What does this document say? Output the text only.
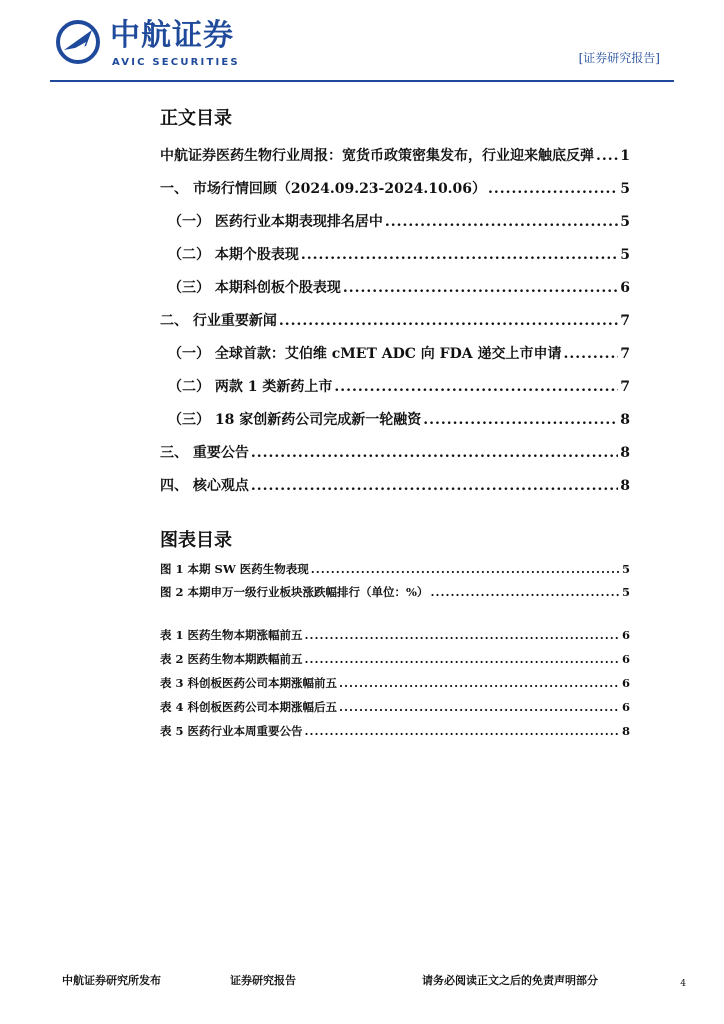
中航证券
AVIC SECURITIES	[证券研究报告]
正文目录
中航证券医药生物行业周报：宽货币政策密集发布，行业迎来触底反弹 ..... 1
一、 市场行情回顾（2024.09.23-2024.10.06） .....	5
（一） 医药行业本期表现排名居中 .....	5
（二） 本期个股表现 .....	5
（三） 本期科创板个股表现 .....	6
二、 行业重要新闻 .....	7
（一） 全球首款：艾伯维 cMET ADC 向 FDA 递交上市申请 .....	7
（二） 两款 1 类新药上市 .....	7
（三） 18 家创新药公司完成新一轮融资 .....	8
三、 重要公告 .....	8
四、 核心观点 .....	8
图表目录
图 1 本期 SW 医药生物表现 .....	5
图 2 本期申万一级行业板块涨跌幅排行（单位：%） .....	5
表 1 医药生物本期涨幅前五 .....	6
表 2 医药生物本期跌幅前五 .....	6
表 3 科创板医药公司本期涨幅前五 .....	6
表 4 科创板医药公司本期涨幅后五 .....	6
表 5 医药行业本周重要公告 .....	8
中航证券研究所发布	证券研究报告	请务必阅读正文之后的免责声明部分	4
